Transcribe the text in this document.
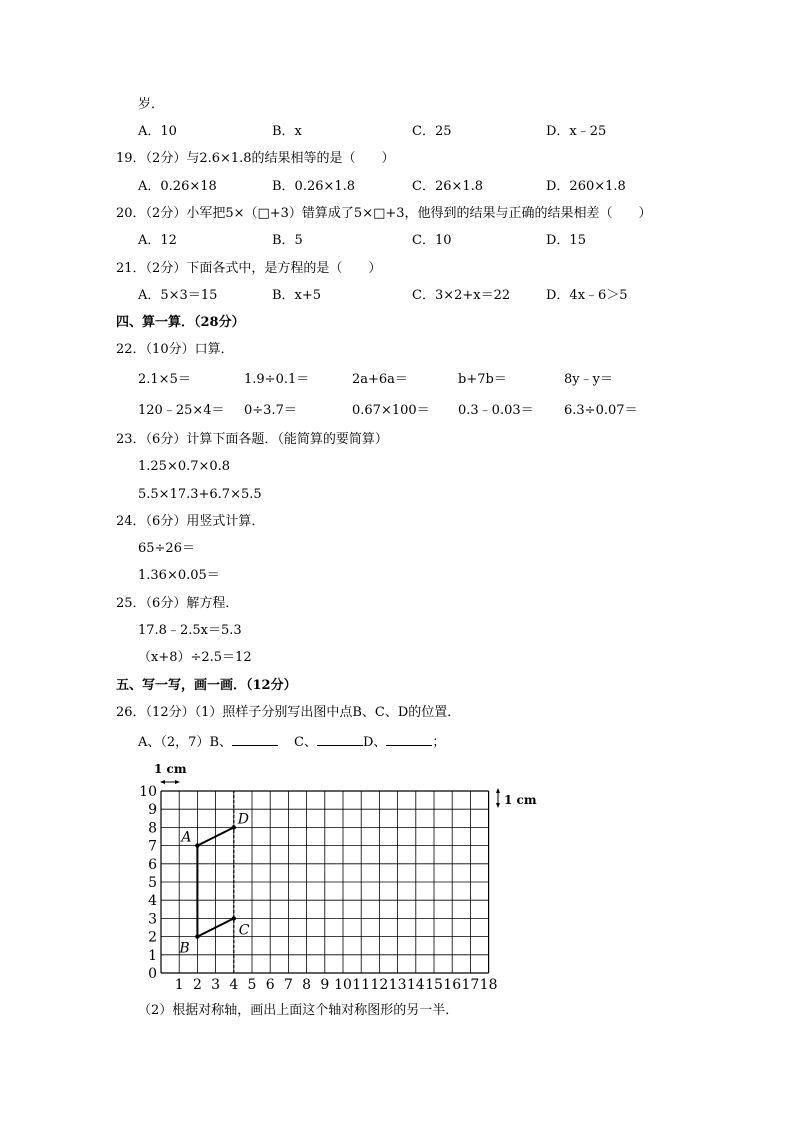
岁．
A．10	B．x	C．25	D．x﹣25
19．（2分）与2.6×1.8的结果相等的是（　　）
A．0.26×18	B．0.26×1.8	C．26×1.8	D．260×1.8
20．（2分）小军把5×（□+3）错算成了5×□+3，他得到的结果与正确的结果相差（　　）
A．12	B．5	C．10	D．15
21．（2分）下面各式中，是方程的是（　　）
A．5×3＝15	B．x+5	C．3×2+x＝22	D．4x﹣6＞5
四、算一算．（28分）
22．（10分）口算．
2.1×5＝	1.9÷0.1＝	2a+6a＝	b+7b＝	8y﹣y＝
120﹣25×4＝ 0÷3.7＝	0.67×100＝ 0.3﹣0.03＝ 6.3÷0.07＝
23．（6分）计算下面各题．（能简算的要简算）
1.25×0.7×0.8
5.5×17.3+6.7×5.5
24．（6分）用竖式计算．
65÷26＝
1.36×0.05＝
25．（6分）解方程．
17.8﹣2.5x＝5.3
（x+8）÷2.5＝12
五、写一写，画一画．（12分）
26．（12分）（1）照样子分别写出图中点B、C、D的位置．
A、（2，7）B、	C、	D、	；
1 cm
1 cm
1 2 3 4 5 6 7 8 9 10 11 12 13 14 15 16 17 18
0
1
2
3
4
5
6
7
8
9
10
A
B
C
D
（2）根据对称轴，画出上面这个轴对称图形的另一半．
